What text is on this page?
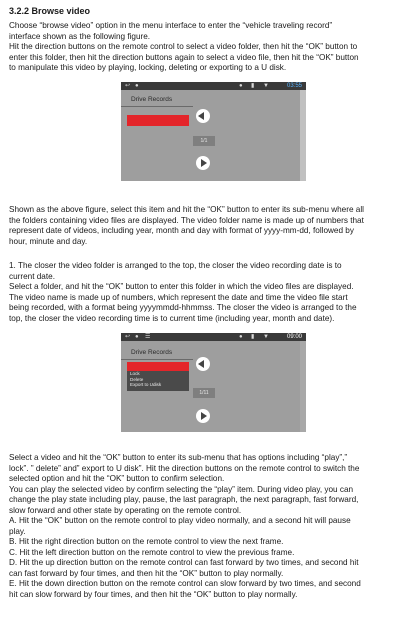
3.2.2 Browse video
Choose “browse video” option in the menu interface to enter the “vehicle traveling record”
interface shown as the following figure.
Hit the direction buttons on the remote control to select a video folder, then hit the “OK” button to
enter this folder, then hit the direction buttons again to select a video file, then hit the “OK” button
to manipulate this video by playing, locking, deleting or exporting to a U disk.
↩ ●	● ▮ ▼	03:55
Drive Records
1/1
Shown as the above figure, select this item and hit the “OK” button to enter its sub-menu where all
the folders containing video files are displayed. The video folder name is made up of numbers that
represent date of videos, including year, month and day with format of yyyy-mm-dd, followed by
hour, minute and day.
1. The closer the video folder is arranged to the top, the closer the video recording date is to
current date.
Select a folder, and hit the “OK” button to enter this folder in which the video files are displayed.
The video name is made up of numbers, which represent the date and time the video file start
being recorded, with a format being yyyymmdd-hhmmss. The closer the video is arranged to the
top, the closer the video recording time is to current time (including year, month and date).
↩ ● ☰	● ▮ ▼	09:00
Drive Records
Lock
Delete
Export to Udisk
1/11
Select a video and hit the “OK” button to enter its sub-menu that has options including “play”,”
lock”. ” delete” and” export to U disk”. Hit the direction buttons on the remote control to switch the
selected option and hit the “OK” button to confirm selection.
You can play the selected video by confirm selecting the “play” item. During video play, you can
change the play state including play, pause, the last paragraph, the next paragraph, fast forward,
slow forward and other state by operating on the remote control.
A. Hit the “OK” button on the remote control to play video normally, and a second hit will pause
play.
B. Hit the right direction button on the remote control to view the next frame.
C. Hit the left direction button on the remote control to view the previous frame.
D. Hit the up direction button on the remote control can fast forward by two times, and second hit
can fast forward by four times, and then hit the “OK” button to play normally.
E. Hit the down direction button on the remote control can slow forward by two times, and second
hit can slow forward by four times, and then hit the “OK” button to play normally.
